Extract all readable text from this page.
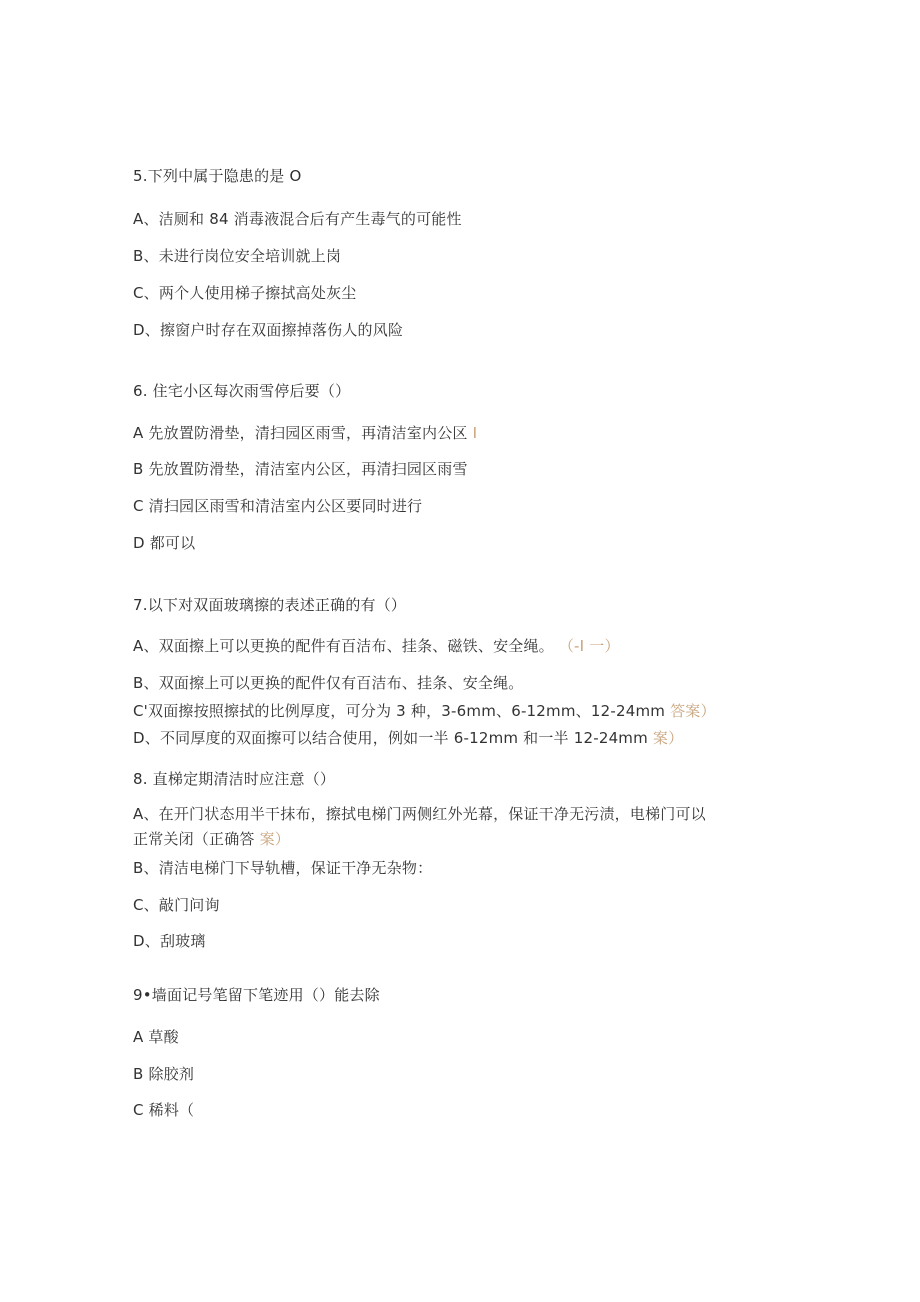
5.下列中属于隐患的是 O
A、洁厕和 84 消毒液混合后有产生毒气的可能性
B、未进行岗位安全培训就上岗
C、两个人使用梯子擦拭高处灰尘
D、擦窗户时存在双面擦掉落伤人的风险
6. 住宅小区每次雨雪停后要（）
A 先放置防滑垫，清扫园区雨雪，再清洁室内公区 I
B 先放置防滑垫，清洁室内公区，再清扫园区雨雪
C 清扫园区雨雪和清洁室内公区要同时进行
D 都可以
7.以下对双面玻璃擦的表述正确的有（）
A、双面擦上可以更换的配件有百洁布、挂条、磁铁、安全绳。 （-I 一）
B、双面擦上可以更换的配件仅有百洁布、挂条、安全绳。
C'双面擦按照擦拭的比例厚度，可分为 3 种，3-6mm、6-12mm、12-24mm 答案）
D、不同厚度的双面擦可以结合使用，例如一半 6-12mm 和一半 12-24mm 案）
8. 直梯定期清洁时应注意（）
A、在开门状态用半干抹布，擦拭电梯门两侧红外光幕，保证干净无污渍，电梯门可以
正常关闭（正确答 案）
B、清洁电梯门下导轨槽，保证干净无杂物：
C、敲门问询
D、刮玻璃
9•墙面记号笔留下笔迹用（）能去除
A 草酸
B 除胶剂
C 稀料（
